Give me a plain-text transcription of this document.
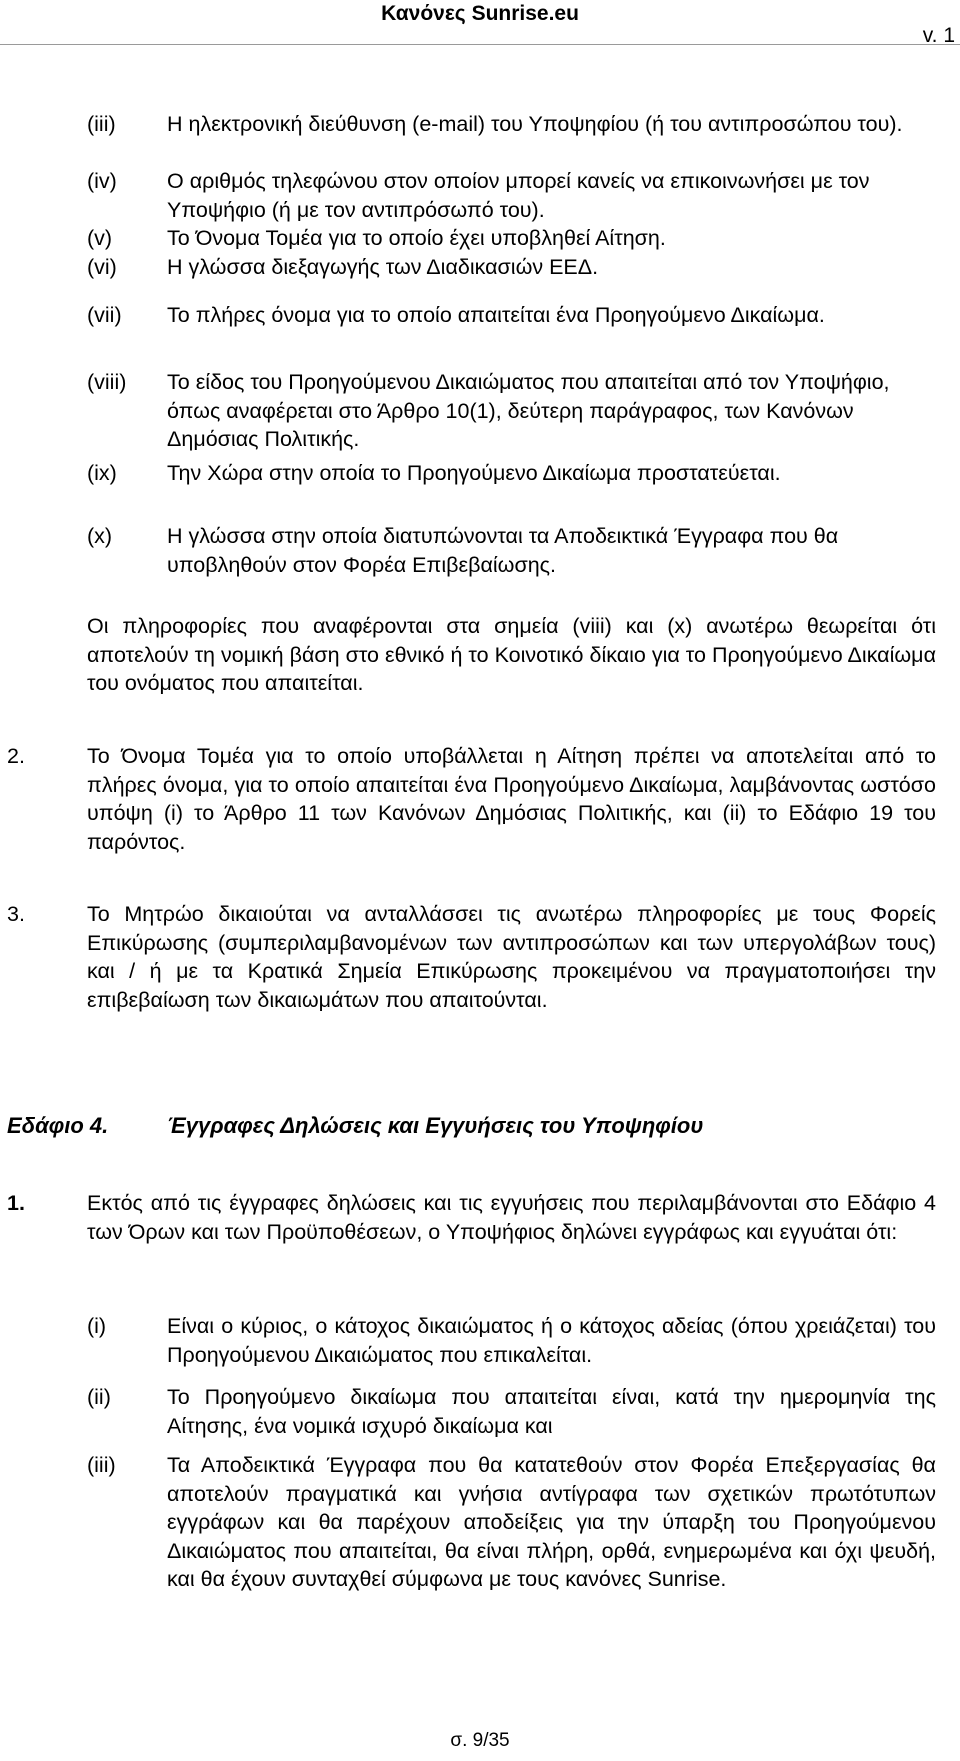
Κανόνες Sunrise.eu
v. 1
(iii) Η ηλεκτρονική διεύθυνση (e-mail) του Υποψηφίου (ή του αντιπροσώπου του).
(iv) Ο αριθμός τηλεφώνου στον οποίον μπορεί κανείς να επικοινωνήσει με τον Υποψήφιο (ή με τον αντιπρόσωπό του).
(v)	Το Όνομα Τομέα για το οποίο έχει υποβληθεί Αίτηση.
(vi) Η γλώσσα διεξαγωγής των Διαδικασιών ΕΕΔ.
(vii) Το πλήρες όνομα για το οποίο απαιτείται ένα Προηγούμενο Δικαίωμα.
(viii) Το είδος του Προηγούμενου Δικαιώματος που απαιτείται από τον Υποψήφιο, όπως αναφέρεται στο Άρθρο 10(1), δεύτερη παράγραφος, των Κανόνων Δημόσιας Πολιτικής.
(ix) Την Χώρα στην οποία το Προηγούμενο Δικαίωμα προστατεύεται.
(x)	Η γλώσσα στην οποία διατυπώνονται τα Αποδεικτικά Έγγραφα που θα υποβληθούν στον Φορέα Επιβεβαίωσης.
Οι πληροφορίες που αναφέρονται στα σημεία (viii) και (x) ανωτέρω θεωρείται ότι αποτελούν τη νομική βάση στο εθνικό ή το Κοινοτικό δίκαιο για το Προηγούμενο Δικαίωμα του ονόματος που απαιτείται.
2.	Το Όνομα Τομέα για το οποίο υποβάλλεται η Αίτηση πρέπει να αποτελείται από το πλήρες όνομα, για το οποίο απαιτείται ένα Προηγούμενο Δικαίωμα, λαμβάνοντας ωστόσο υπόψη (i) το Άρθρο 11 των Κανόνων Δημόσιας Πολιτικής, και (ii) το Εδάφιο 19 του παρόντος.
3.	Το Μητρώο δικαιούται να ανταλλάσσει τις ανωτέρω πληροφορίες με τους Φορείς Επικύρωσης (συμπεριλαμβανομένων των αντιπροσώπων και των υπεργολάβων τους) και / ή με τα Κρατικά Σημεία Επικύρωσης προκειμένου να πραγματοποιήσει την επιβεβαίωση των δικαιωμάτων που απαιτούνται.
Εδάφιο 4.	Έγγραφες Δηλώσεις και Εγγυήσεις του Υποψηφίου
1.	Εκτός από τις έγγραφες δηλώσεις και τις εγγυήσεις που περιλαμβάνονται στο Εδάφιο 4 των Όρων και των Προϋποθέσεων, ο Υποψήφιος δηλώνει εγγράφως και εγγυάται ότι:
(i)	Είναι ο κύριος, ο κάτοχος δικαιώματος ή ο κάτοχος αδείας (όπου χρειάζεται) του Προηγούμενου Δικαιώματος που επικαλείται.
(ii)	Το Προηγούμενο δικαίωμα που απαιτείται είναι, κατά την ημερομηνία της Αίτησης, ένα νομικά ισχυρό δικαίωμα και
(iii) Τα Αποδεικτικά Έγγραφα που θα κατατεθούν στον Φορέα Επεξεργασίας θα αποτελούν πραγματικά και γνήσια αντίγραφα των σχετικών πρωτότυπων εγγράφων και θα παρέχουν αποδείξεις για την ύπαρξη του Προηγούμενου Δικαιώματος που απαιτείται, θα είναι πλήρη, ορθά, ενημερωμένα και όχι ψευδή, και θα έχουν συνταχθεί σύμφωνα με τους κανόνες Sunrise.
σ. 9/35
